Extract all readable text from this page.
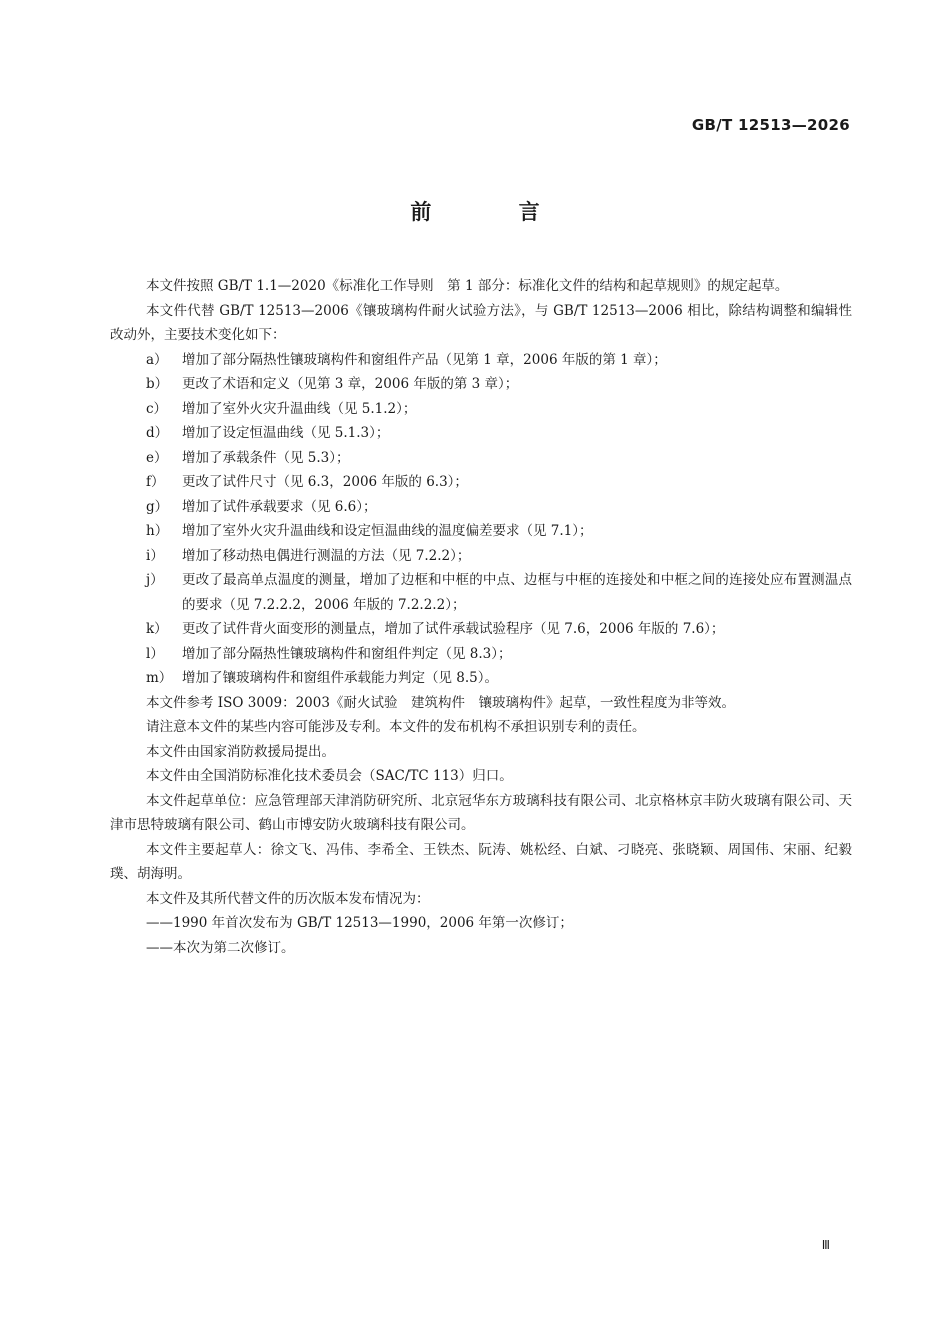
GB/T 12513—2026
前 言

本文件按照 GB/T 1.1—2020《标准化工作导则　第 1 部分：标准化文件的结构和起草规则》的规定起草。

本文件代替 GB/T 12513—2006《镶玻璃构件耐火试验方法》，与 GB/T 12513—2006 相比，除结构调整和编辑性改动外，主要技术变化如下：

a）	增加了部分隔热性镶玻璃构件和窗组件产品（见第 1 章，2006 年版的第 1 章）；

b）	更改了术语和定义（见第 3 章，2006 年版的第 3 章）；

c）	增加了室外火灾升温曲线（见 5.1.2）；

d）	增加了设定恒温曲线（见 5.1.3）；

e）	增加了承载条件（见 5.3）；

f）	更改了试件尺寸（见 6.3，2006 年版的 6.3）；

g）	增加了试件承载要求（见 6.6）；

h）	增加了室外火灾升温曲线和设定恒温曲线的温度偏差要求（见 7.1）；

i）	增加了移动热电偶进行测温的方法（见 7.2.2）；

j）	更改了最高单点温度的测量，增加了边框和中框的中点、边框与中框的连接处和中框之间的连接处应布置测温点的要求（见 7.2.2.2，2006 年版的 7.2.2.2）；

k）	更改了试件背火面变形的测量点，增加了试件承载试验程序（见 7.6，2006 年版的 7.6）；

l）	增加了部分隔热性镶玻璃构件和窗组件判定（见 8.3）；

m） 增加了镶玻璃构件和窗组件承载能力判定（见 8.5）。

本文件参考 ISO 3009：2003《耐火试验　建筑构件　镶玻璃构件》起草，一致性程度为非等效。

请注意本文件的某些内容可能涉及专利。本文件的发布机构不承担识别专利的责任。

本文件由国家消防救援局提出。

本文件由全国消防标准化技术委员会（SAC/TC 113）归口。

本文件起草单位：应急管理部天津消防研究所、北京冠华东方玻璃科技有限公司、北京格林京丰防火玻璃有限公司、天津市思特玻璃有限公司、鹤山市博安防火玻璃科技有限公司。

本文件主要起草人：徐文飞、冯伟、李希全、王铁杰、阮涛、姚松经、白斌、刁晓亮、张晓颖、周国伟、宋丽、纪毅璞、胡海明。

本文件及其所代替文件的历次版本发布情况为：

——1990 年首次发布为 GB/T 12513—1990，2006 年第一次修订；

——本次为第二次修订。

Ⅲ
